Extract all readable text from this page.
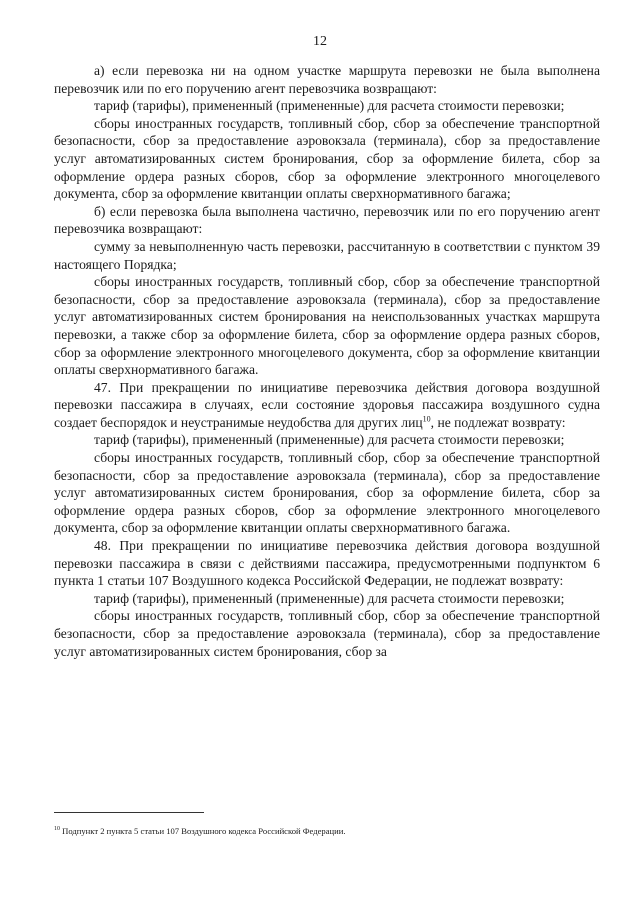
12

а) если перевозка ни на одном участке маршрута перевозки не была выполнена перевозчик или по его поручению агент перевозчика возвращают:

тариф (тарифы), примененный (примененные) для расчета стоимости перевозки;

сборы иностранных государств, топливный сбор, сбор за обеспечение транспортной безопасности, сбор за предоставление аэровокзала (терминала), сбор за предоставление услуг автоматизированных систем бронирования, сбор за оформление билета, сбор за оформление ордера разных сборов, сбор за оформление электронного многоцелевого документа, сбор за оформление квитанции оплаты сверхнормативного багажа;

б) если перевозка была выполнена частично, перевозчик или по его поручению агент перевозчика возвращают:

сумму за невыполненную часть перевозки, рассчитанную в соответствии с пунктом 39 настоящего Порядка;

сборы иностранных государств, топливный сбор, сбор за обеспечение транспортной безопасности, сбор за предоставление аэровокзала (терминала), сбор за предоставление услуг автоматизированных систем бронирования на неиспользованных участках маршрута перевозки, а также сбор за оформление билета, сбор за оформление ордера разных сборов, сбор за оформление электронного многоцелевого документа, сбор за оформление квитанции оплаты сверхнормативного багажа.

47. При прекращении по инициативе перевозчика действия договора воздушной перевозки пассажира в случаях, если состояние здоровья пассажира воздушного судна создает беспорядок и неустранимые неудобства для других лиц$^{10}$, не подлежат возврату:

тариф (тарифы), примененный (примененные) для расчета стоимости перевозки;

сборы иностранных государств, топливный сбор, сбор за обеспечение транспортной безопасности, сбор за предоставление аэровокзала (терминала), сбор за предоставление услуг автоматизированных систем бронирования, сбор за оформление билета, сбор за оформление ордера разных сборов, сбор за оформление электронного многоцелевого документа, сбор за оформление квитанции оплаты сверхнормативного багажа.

48. При прекращении по инициативе перевозчика действия договора воздушной перевозки пассажира в связи с действиями пассажира, предусмотренными подпунктом 6 пункта 1 статьи 107 Воздушного кодекса Российской Федерации, не подлежат возврату:

тариф (тарифы), примененный (примененные) для расчета стоимости перевозки;

сборы иностранных государств, топливный сбор, сбор за обеспечение транспортной безопасности, сбор за предоставление аэровокзала (терминала), сбор за предоставление услуг автоматизированных систем бронирования, сбор за

$^{10}$ Подпункт 2 пункта 5 статьи 107 Воздушного кодекса Российской Федерации.
